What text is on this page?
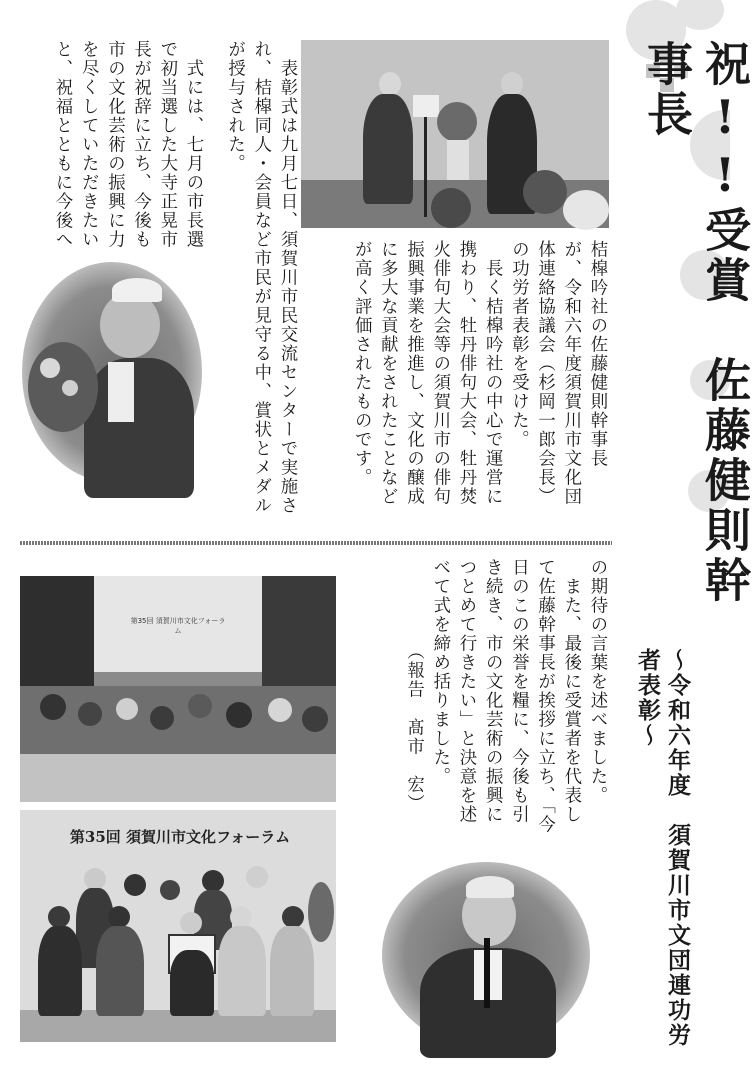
祝!!受賞　佐藤健則幹事長
〜令和六年度　須賀川市文団連功労者表彰〜
桔槹吟社の佐藤健則幹事長
が、令和六年度須賀川市文化団
体連絡協議会（杉岡一郎会長）
の功労者表彰を受けた。
　長く桔槹吟社の中心で運営に
携わり、牡丹俳句大会、牡丹焚
火俳句大会等の須賀川市の俳句
振興事業を推進し、文化の醸成
に多大な貢献をされたことなど
が高く評価されたものです。
　表彰式は九月七日、須賀川市民交流センターで実施さ
れ、桔槹同人・会員など市民が見守る中、賞状とメダル
が授与された。
　式には、七月の市長選
で初当選した大寺正晃市
長が祝辞に立ち、今後も
市の文化芸術の振興に力
を尽くしていただきたい
と、祝福とともに今後へ
の期待の言葉を述べました。
　また、最後に受賞者を代表し
て佐藤幹事長が挨拶に立ち、「今
日のこの栄誉を糧に、今後も引
き続き、市の文化芸術の振興に
つとめて行きたい」と決意を述
べて式を締め括りました。
（報告　髙市　宏）
第35回 須賀川市文化フォーラム
第35回 須賀川市文化フォーラム
